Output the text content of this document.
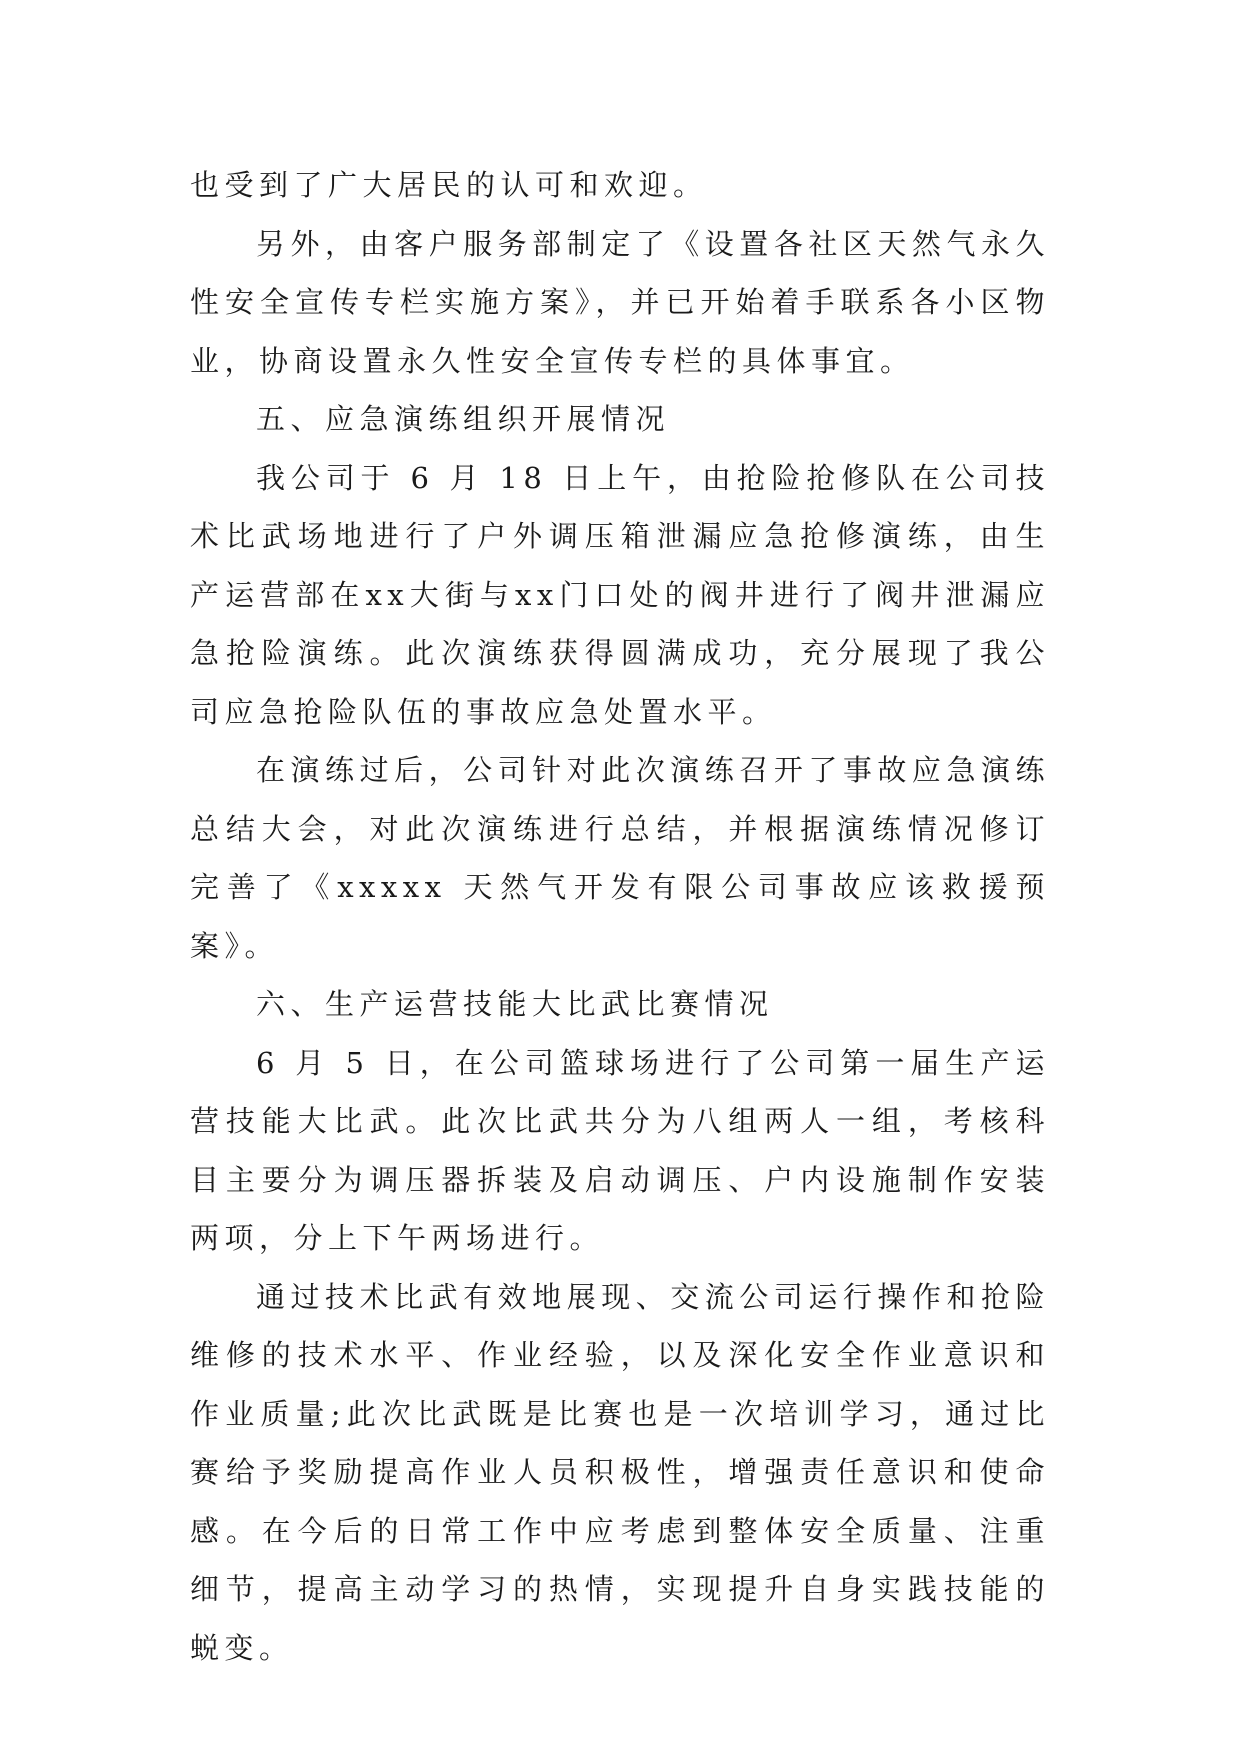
也受到了广大居民的认可和欢迎。

另外，由客户服务部制定了《设置各社区天然气永久性安全宣传专栏实施方案》，并已开始着手联系各小区物业，协商设置永久性安全宣传专栏的具体事宜。

五、应急演练组织开展情况

我公司于 6 月 18 日上午，由抢险抢修队在公司技术比武场地进行了户外调压箱泄漏应急抢修演练，由生产运营部在xx大街与xx门口处的阀井进行了阀井泄漏应急抢险演练。此次演练获得圆满成功，充分展现了我公司应急抢险队伍的事故应急处置水平。

在演练过后，公司针对此次演练召开了事故应急演练总结大会，对此次演练进行总结，并根据演练情况修订完善了《xxxxx 天然气开发有限公司事故应该救援预案》。

六、生产运营技能大比武比赛情况

6 月 5 日，在公司篮球场进行了公司第一届生产运营技能大比武。此次比武共分为八组两人一组，考核科目主要分为调压器拆装及启动调压、户内设施制作安装两项，分上下午两场进行。

通过技术比武有效地展现、交流公司运行操作和抢险维修的技术水平、作业经验，以及深化安全作业意识和作业质量;此次比武既是比赛也是一次培训学习，通过比赛给予奖励提高作业人员积极性，增强责任意识和使命感。在今后的日常工作中应考虑到整体安全质量、注重细节，提高主动学习的热情，实现提升自身实践技能的蜕变。
